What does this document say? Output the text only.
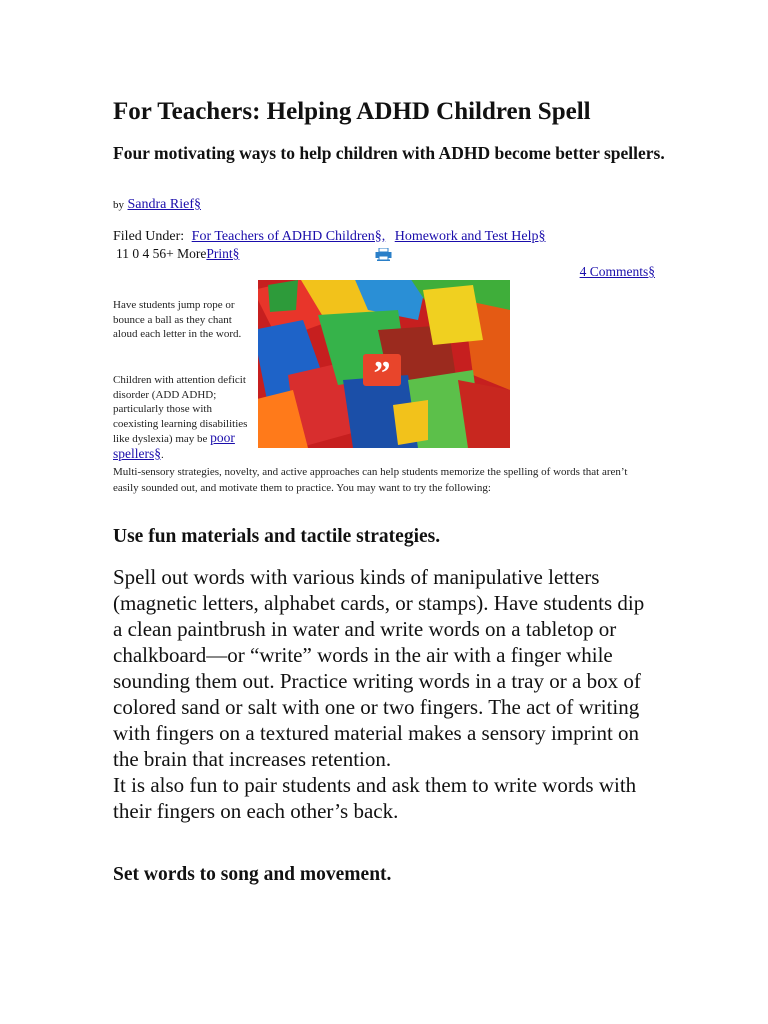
For Teachers: Helping ADHD Children Spell
Four motivating ways to help children with ADHD become better spellers.
by Sandra Rief§
Filed Under: For Teachers of ADHD Children§, Homework and Test Help§
11 0 4 56+ MorePrint§
4 Comments§
Have students jump rope or bounce a ball as they chant aloud each letter in the word.
Children with attention deficit disorder (ADD ADHD; particularly those with coexisting learning disabilities like dyslexia) may be poor spellers§.
”
Multi-sensory strategies, novelty, and active approaches can help students memorize the spelling of words that aren’t easily sounded out, and motivate them to practice. You may want to try the following:
Use fun materials and tactile strategies.

Spell out words with various kinds of manipulative letters (magnetic letters, alphabet cards, or stamps). Have students dip a clean paintbrush in water and write words on a tabletop or chalkboard—or “write” words in the air with a finger while sounding them out. Practice writing words in a tray or a box of colored sand or salt with one or two fingers. The act of writing with fingers on a textured material makes a sensory imprint on the brain that increases retention.

It is also fun to pair students and ask them to write words with their fingers on each other’s back.

Set words to song and movement.
